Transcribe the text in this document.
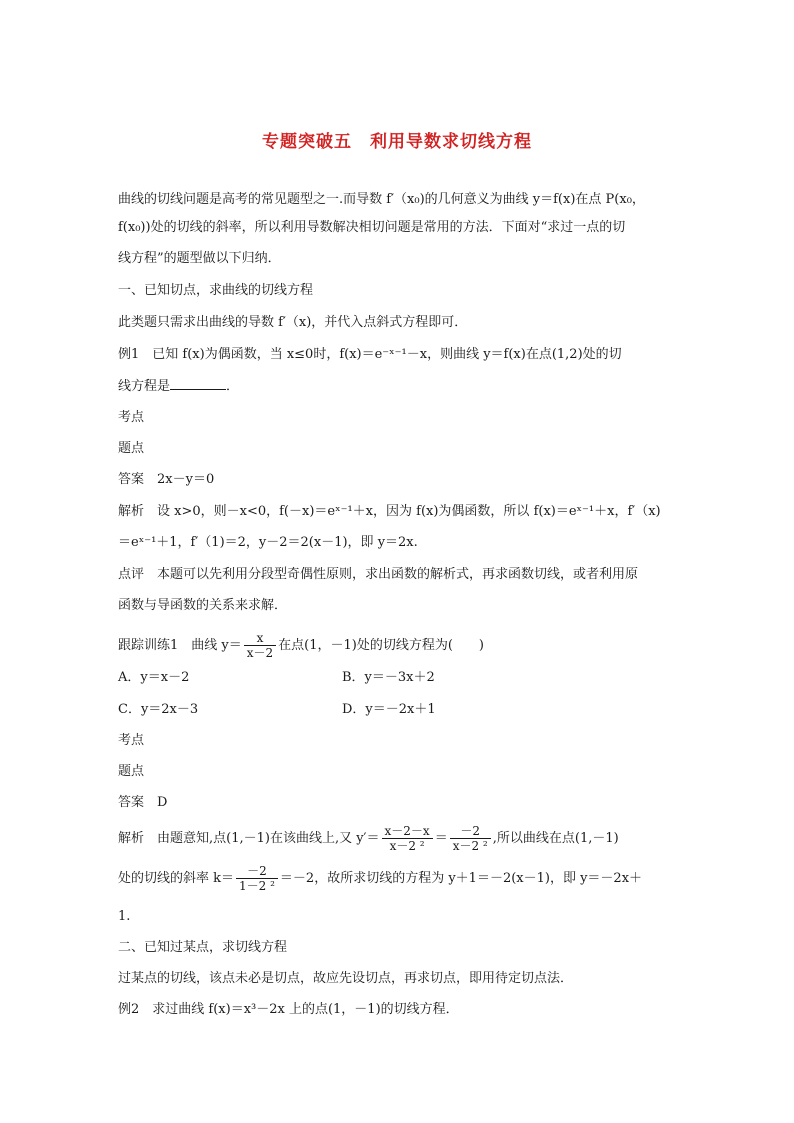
专题突破五　利用导数求切线方程
曲线的切线问题是高考的常见题型之一.而导数 f′（x₀)的几何意义为曲线 y＝f(x)在点 P(x₀，
f(x₀))处的切线的斜率，所以利用导数解决相切问题是常用的方法．下面对“求过一点的切
线方程”的题型做以下归纳．
一、已知切点，求曲线的切线方程
此类题只需求出曲线的导数 f′（x)，并代入点斜式方程即可．
例1　已知 f(x)为偶函数，当 x≤0时，f(x)＝e⁻ˣ⁻¹－x，则曲线 y＝f(x)在点(1,2)处的切
线方程是	．
考点
题点
答案　2x－y＝0
解析　设 x>0，则－x<0，f(－x)＝eˣ⁻¹＋x，因为 f(x)为偶函数，所以 f(x)＝eˣ⁻¹＋x，f′（x)
＝eˣ⁻¹＋1，f′（1)＝2，y－2＝2(x－1)，即 y＝2x.
点评　本题可以先利用分段型奇偶性原则，求出函数的解析式，再求函数切线，或者利用原
函数与导函数的关系来求解．
跟踪训练1　曲线 $y= \frac{x}{x-2}$ 在点(1，－1)处的切线方程为(　　)
A．y＝x－2	B．y＝－3x＋2
C．y＝2x－3	D．y＝－2x＋1
考点
题点
答案　D
解析　由题意知,点(1,－1)在该曲线上,又 $y'= \frac{x-2-x}{\text{x－2 ²}} = \frac{-2}{\text{x－2 ²}}$ ,所以曲线在点(1,－1)
处的切线的斜率 $k= \frac{-2}{\text{1－2 ²}} =-2$，故所求切线的方程为 y＋1＝－2(x－1)，即 y＝－2x＋
1.
二、已知过某点，求切线方程
过某点的切线，该点未必是切点，故应先设切点，再求切点，即用待定切点法．
例2　求过曲线 f(x)＝x³－2x 上的点(1，－1)的切线方程．
